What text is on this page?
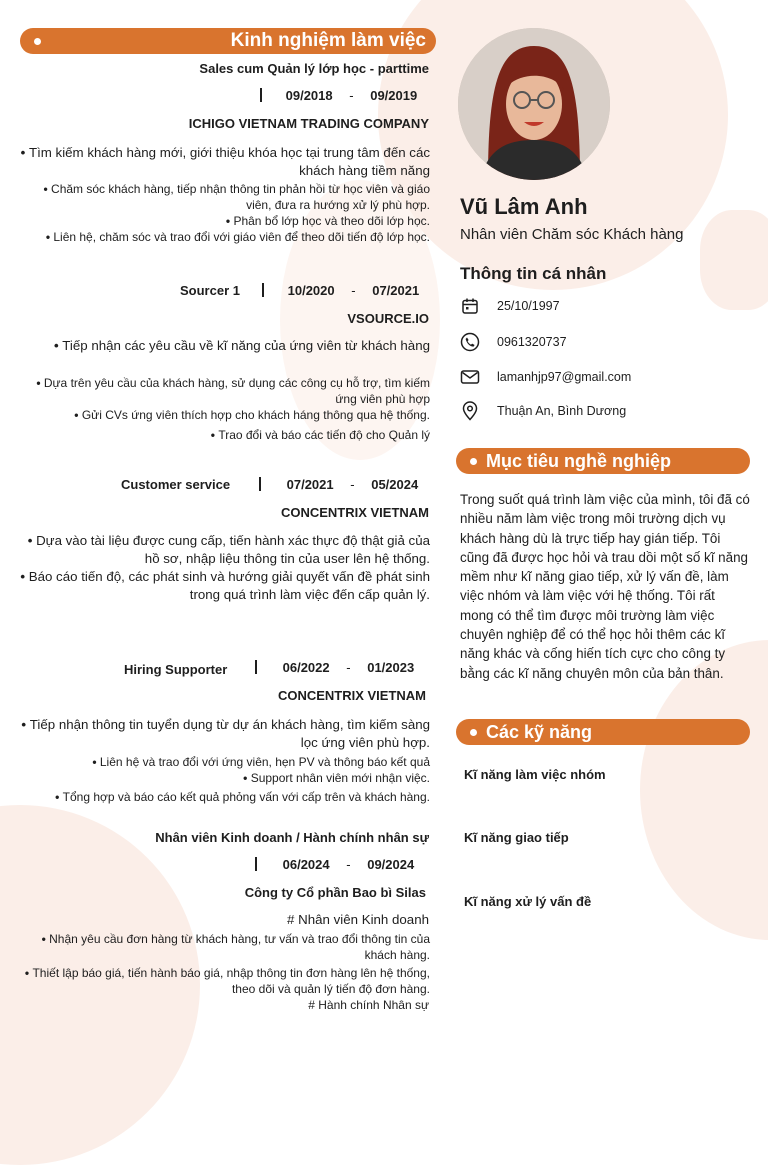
Kinh nghiệm làm việc
Sales cum Quản lý lớp học - parttime
09/2018 - 09/2019
ICHIGO VIETNAM TRADING COMPANY
• Tìm kiếm khách hàng mới, giới thiệu khóa học tại trung tâm đến các khách hàng tiềm năng
• Chăm sóc khách hàng, tiếp nhận thông tin phản hồi từ học viên và giáo viên, đưa ra hướng xử lý phù hợp.
• Phân bổ lớp học và theo dõi lớp học.
• Liên hệ, chăm sóc và trao đổi với giáo viên để theo dõi tiến độ lớp học.
Sourcer 1	10/2020 - 07/2021
VSOURCE.IO
• Tiếp nhận các yêu cầu về kĩ năng của ứng viên từ khách hàng
• Dựa trên yêu cầu của khách hàng, sử dụng các công cụ hỗ trợ, tìm kiếm ứng viên phù hợp
• Gửi CVs ứng viên thích hợp cho khách háng thông qua hệ thống.
• Trao đổi và báo các tiến độ cho Quản lý
Customer service	07/2021 - 05/2024
CONCENTRIX VIETNAM
• Dựa vào tài liệu được cung cấp, tiến hành xác thực độ thật giả của hồ sơ, nhập liệu thông tin của user lên hệ thống.
• Báo cáo tiến độ, các phát sinh và hướng giải quyết vấn đề phát sinh trong quá trình làm việc đến cấp quản lý.
Hiring Supporter	06/2022 - 01/2023
CONCENTRIX VIETNAM
• Tiếp nhận thông tin tuyển dụng từ dự án khách hàng, tìm kiếm sàng lọc ứng viên phù hợp.
• Liên hệ và trao đổi với ứng viên, hẹn PV và thông báo kết quả
• Support nhân viên mới nhận việc.
• Tổng hợp và báo cáo kết quả phỏng vấn với cấp trên và khách hàng.
Nhân viên Kinh doanh / Hành chính nhân sự
06/2024 - 09/2024
Công ty Cổ phần Bao bì Silas
# Nhân viên Kinh doanh
• Nhận yêu cầu đơn hàng từ khách hàng, tư vấn và trao đổi thông tin của khách hàng.
• Thiết lập báo giá, tiến hành báo giá, nhập thông tin đơn hàng lên hệ thống, theo dõi và quản lý tiến độ đơn hàng.
# Hành chính Nhân sự
Vũ Lâm Anh
Nhân viên Chăm sóc Khách hàng
Thông tin cá nhân
25/10/1997
0961320737
lamanhjp97@gmail.com
Thuận An, Bình Dương
Mục tiêu nghề nghiệp

Trong suốt quá trình làm việc của mình, tôi đã có nhiều năm làm việc trong môi trường dịch vụ khách hàng dù là trực tiếp hay gián tiếp. Tôi cũng đã được học hỏi và trau dồi một số kĩ năng mềm như kĩ năng giao tiếp, xử lý vấn đề, làm việc nhóm và làm việc với hệ thống. Tôi rất mong có thể tìm được môi trường làm việc chuyên nghiệp để có thể học hỏi thêm các kĩ năng khác và cống hiến tích cực cho công ty bằng các kĩ năng chuyên môn của bản thân.

Các kỹ năng
Kĩ năng làm việc nhóm
Kĩ năng giao tiếp
Kĩ năng xử lý vấn đề
